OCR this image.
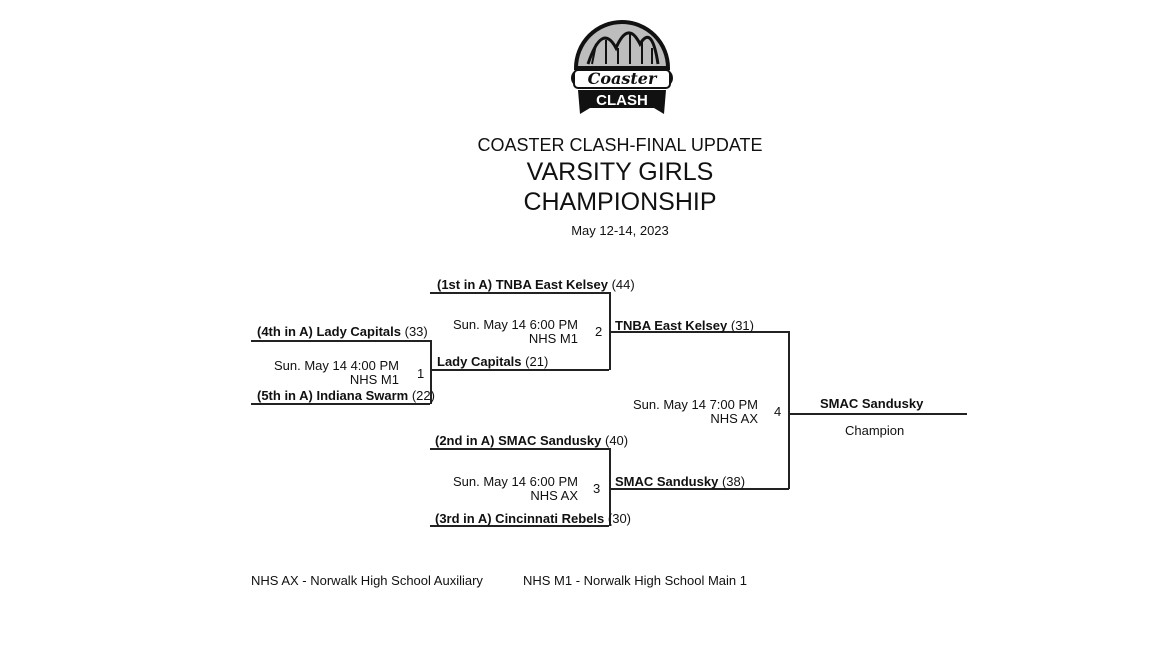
Coaster
CLASH
COASTER CLASH-FINAL UPDATE
VARSITY GIRLS
CHAMPIONSHIP
May 12-14, 2023
(4th in A) Lady Capitals (33)
(5th in A) Indiana Swarm (22)
Sun. May 14 4:00 PM
NHS M1 1
(1st in A) TNBA East Kelsey (44)
Lady Capitals (21)
Sun. May 14 6:00 PM
NHS M1 2
(2nd in A) SMAC Sandusky (40)
(3rd in A) Cincinnati Rebels (30)
Sun. May 14 6:00 PM
NHS AX 3
TNBA East Kelsey (31)
SMAC Sandusky (38)
Sun. May 14 7:00 PM
NHS AX 4
SMAC Sandusky
Champion
NHS AX - Norwalk High School Auxiliary	NHS M1 - Norwalk High School Main 1
